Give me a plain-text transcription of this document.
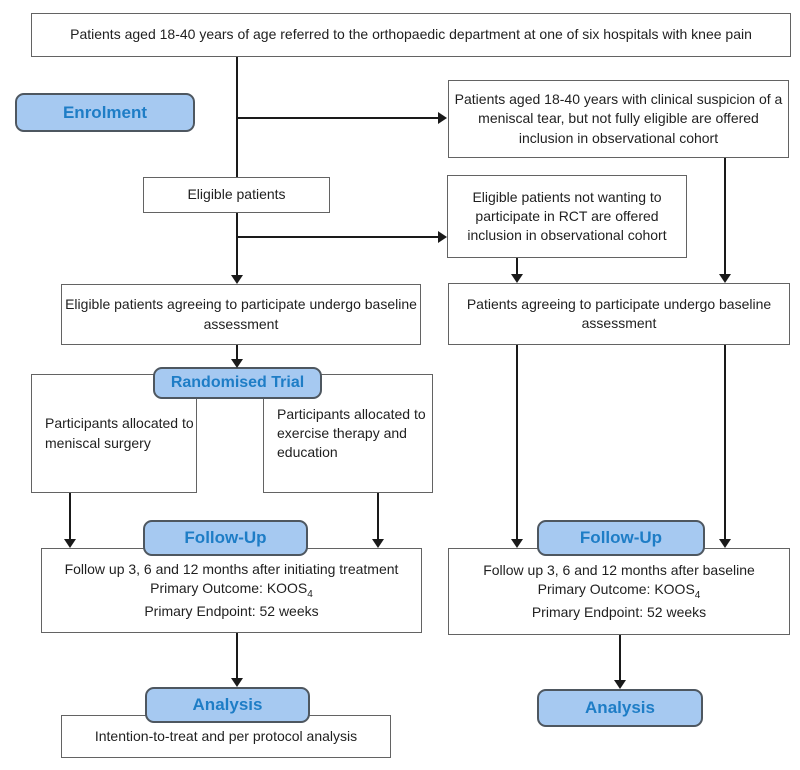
Patients aged 18-40 years of age referred to the orthopaedic department at one of six hospitals with knee pain
Patients aged 18-40 years with clinical suspicion of a meniscal tear, but not fully eligible are offered inclusion in observational cohort
Eligible patients	Eligible patients not wanting to participate in RCT are offered inclusion in observational cohort
Eligible patients agreeing to participate undergo baseline assessment
Patients agreeing to participate undergo baseline assessment
Participants allocated to meniscal surgery
Participants allocated to exercise therapy and education
Follow up 3, 6 and 12 months after initiating treatment
Primary Outcome: $KOOS_4$
Primary Endpoint: 52 weeks
Follow up 3, 6 and 12 months after baseline
Primary Outcome: $KOOS_4$
Primary Endpoint: 52 weeks
Intention-to-treat and per protocol analysis
Enrolment
Randomised Trial
Follow-Up	Follow-Up
Analysis	Analysis
